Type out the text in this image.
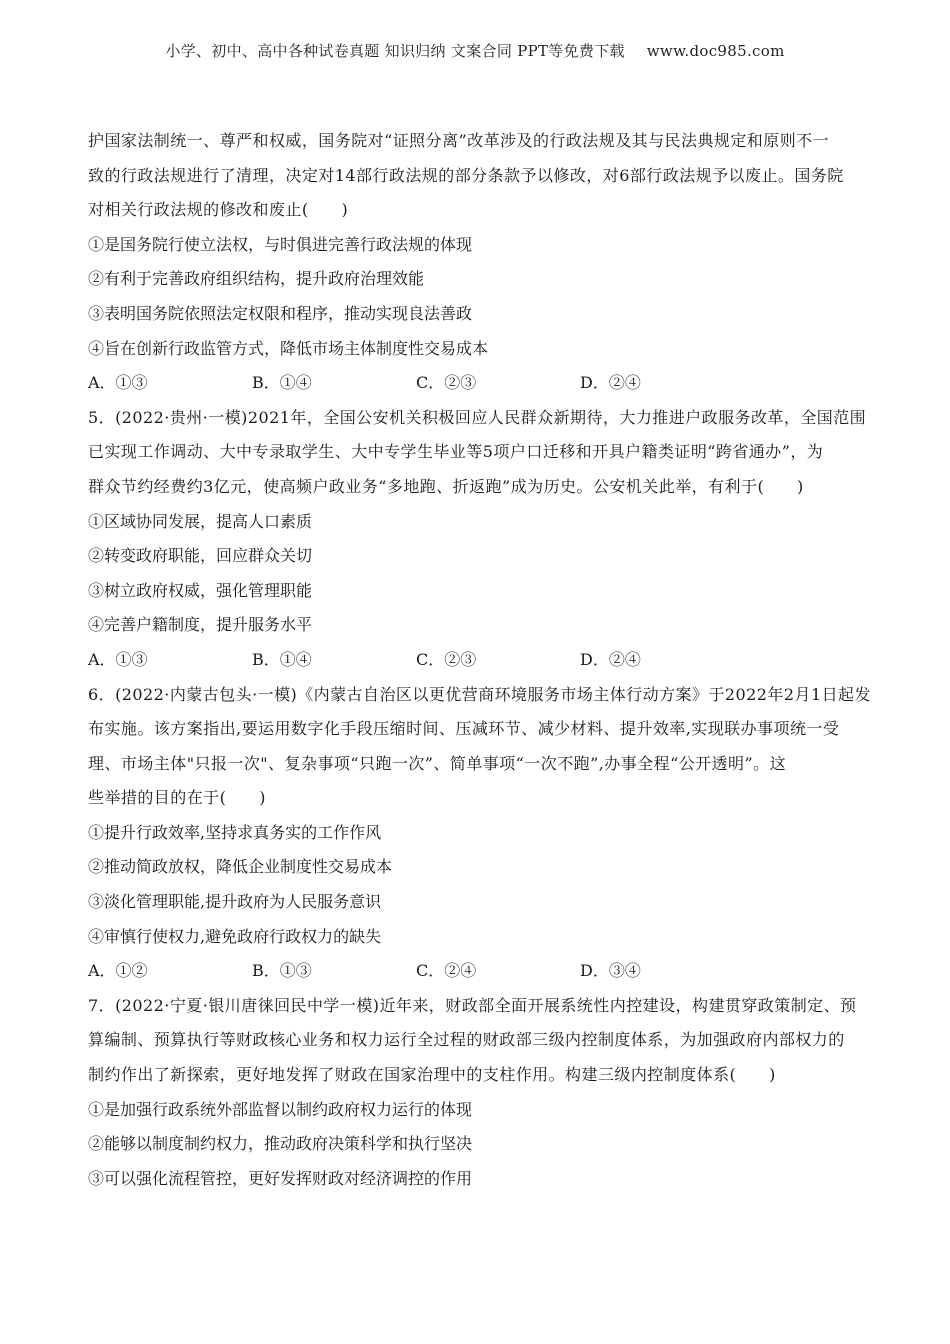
小学、初中、高中各种试卷真题 知识归纳 文案合同 PPT等免费下载 www.doc985.com
护国家法制统一、尊严和权威，国务院对“证照分离”改革涉及的行政法规及其与民法典规定和原则不一
致的行政法规进行了清理，决定对14部行政法规的部分条款予以修改，对6部行政法规予以废止。国务院
对相关行政法规的修改和废止(　　)
①是国务院行使立法权，与时俱进完善行政法规的体现
②有利于完善政府组织结构，提升政府治理效能
③表明国务院依照法定权限和程序，推动实现良法善政
④旨在创新行政监管方式，降低市场主体制度性交易成本
A．①③	B．①④	C．②③	D．②④
5．(2022·贵州·一模)2021年，全国公安机关积极回应人民群众新期待，大力推进户政服务改革，全国范围
已实现工作调动、大中专录取学生、大中专学生毕业等5项户口迁移和开具户籍类证明“跨省通办”，为
群众节约经费约3亿元，使高频户政业务“多地跑、折返跑”成为历史。公安机关此举，有利于(　　)
①区域协同发展，提高人口素质
②转变政府职能，回应群众关切
③树立政府权威，强化管理职能
④完善户籍制度，提升服务水平
A．①③	B．①④	C．②③	D．②④
6．(2022·内蒙古包头·一模)《内蒙古自治区以更优营商环境服务市场主体行动方案》于2022年2月1日起发
布实施。该方案指出,要运用数字化手段压缩时间、压减环节、减少材料、提升效率,实现联办事项统一受
理、市场主体"只报一次"、复杂事项“只跑一次”、简单事项“一次不跑”,办事全程“公开透明”。这
些举措的目的在于(　　)
①提升行政效率,坚持求真务实的工作作风
②推动简政放权，降低企业制度性交易成本
③淡化管理职能,提升政府为人民服务意识
④审慎行使权力,避免政府行政权力的缺失
A．①②	B．①③	C．②④	D．③④
7．(2022·宁夏·银川唐徕回民中学一模)近年来，财政部全面开展系统性内控建设，构建贯穿政策制定、预
算编制、预算执行等财政核心业务和权力运行全过程的财政部三级内控制度体系，为加强政府内部权力的
制约作出了新探索，更好地发挥了财政在国家治理中的支柱作用。构建三级内控制度体系(　　)
①是加强行政系统外部监督以制约政府权力运行的体现
②能够以制度制约权力，推动政府决策科学和执行坚决
③可以强化流程管控，更好发挥财政对经济调控的作用
